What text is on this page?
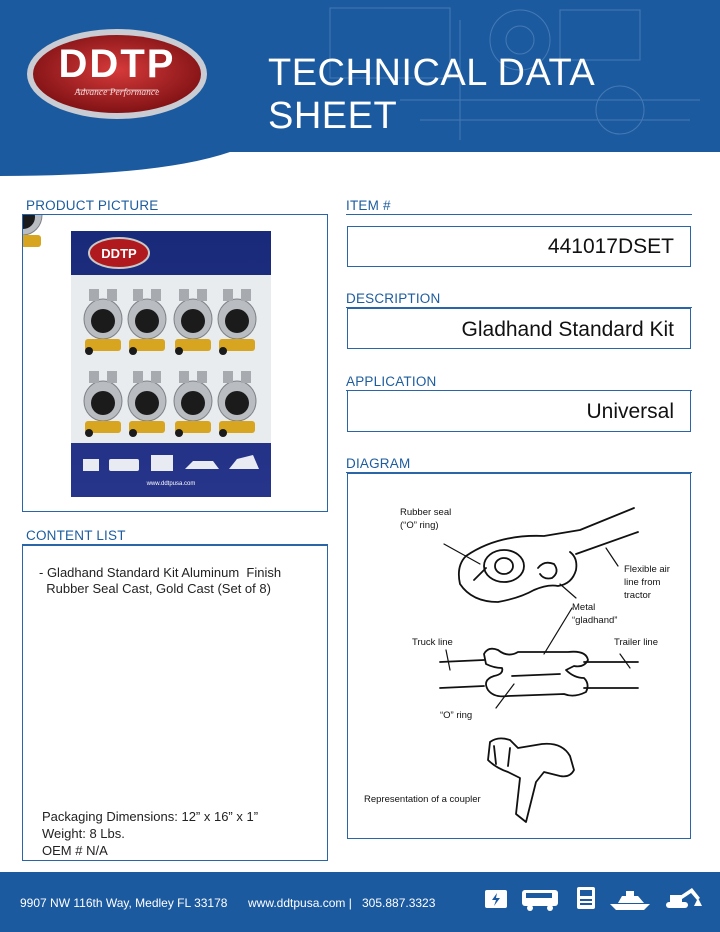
DDTP
Advance Performance	TECHNICAL DATA SHEET
PRODUCT PICTURE
DDTP
www.ddtpusa.com
ITEM #
441017DSET
DESCRIPTION
Gladhand Standard Kit
APPLICATION
Universal
DIAGRAM
Rubber seal
(“O” ring)
Flexible air
line from
tractor
Metal
“gladhand”
Truck line	Trailer line
“O” ring
Representation of a coupler
CONTENT LIST
- Gladhand Standard Kit Aluminum  Finish
Rubber Seal Cast, Gold Cast (Set of 8)
Packaging Dimensions: 12” x 16” x 1”
Weight: 8 Lbs.
OEM # N/A
9907 NW 116th Way, Medley FL 33178 www.ddtpusa.com | 305.887.3323
